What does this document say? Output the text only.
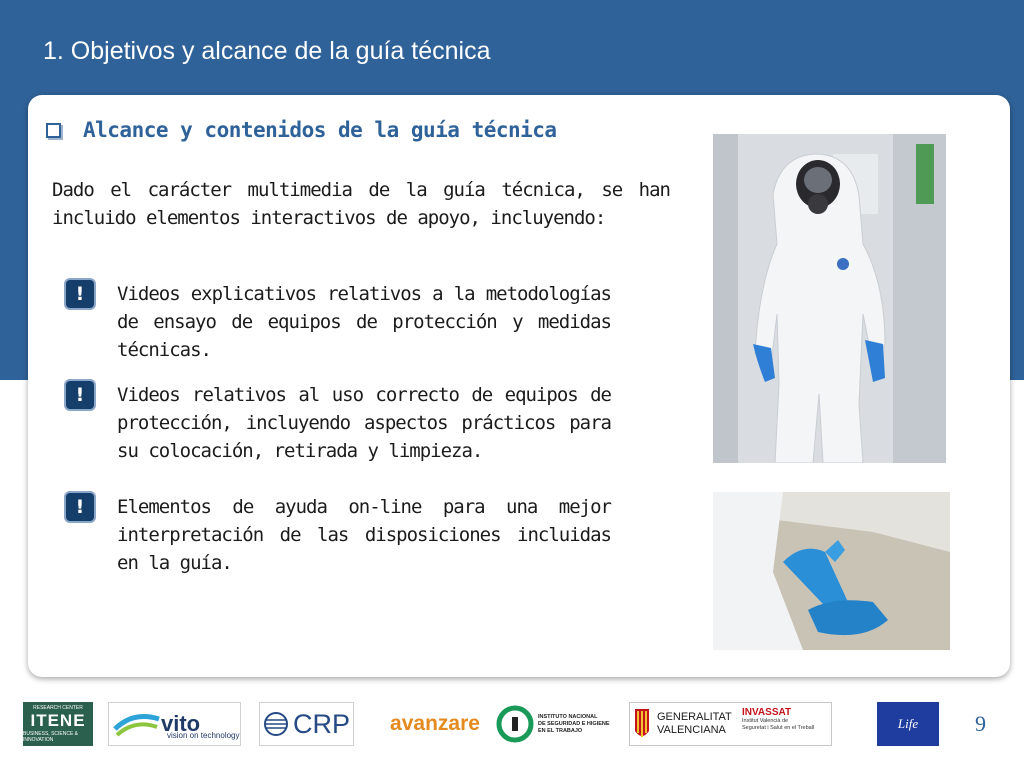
1. Objetivos y alcance de la guía técnica
Alcance y contenidos de la guía técnica
Dado el carácter multimedia de la guía técnica, se han incluido elementos interactivos de apoyo, incluyendo:
!	Videos explicativos relativos a la metodologías de ensayo de equipos de protección y medidas técnicas.
!	Videos relativos al uso correcto de equipos de protección, incluyendo aspectos prácticos para su colocación, retirada y limpieza.
!	Elementos de ayuda on-line para una mejor interpretación de las disposiciones incluidas en la guía.
RESEARCH CENTER
ITENE
BUSINESS, SCIENCE & INNOVATION
vito
vision on technology CRP avanzare	INSTITUTO NACIONAL
DE SEGURIDAD E HIGIENE
EN EL TRABAJO
GENERALITAT
VALENCIANA
INVASSAT
Institut Valencià de
Seguretat i Salut en el Treball	Life	9
